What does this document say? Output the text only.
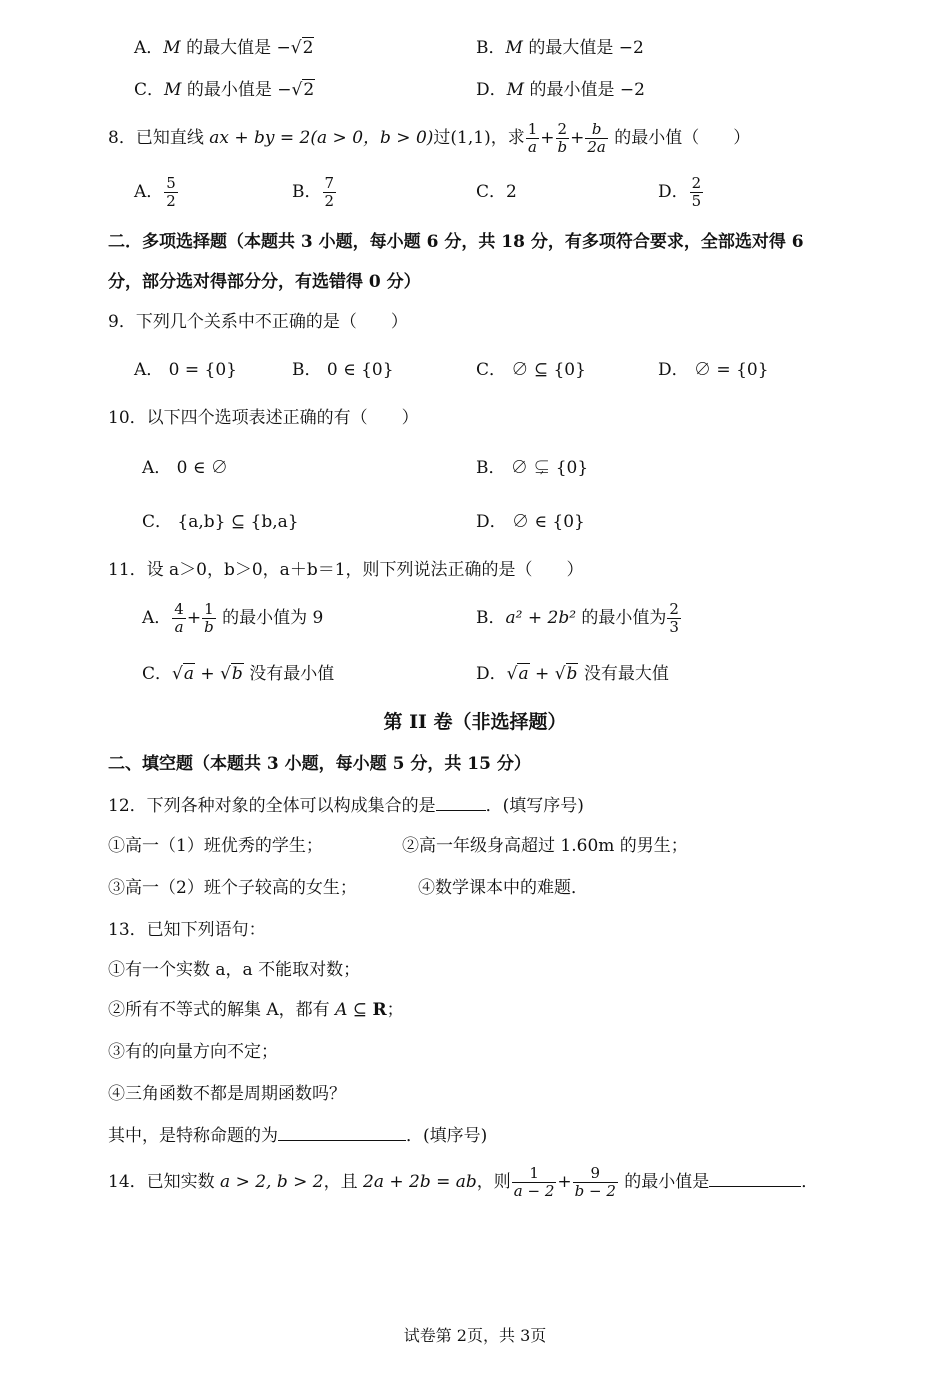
A．M 的最大值是 −√2	B．M 的最大值是 −2
C．M 的最小值是 −√2	D．M 的最小值是 −2
8．已知直线 ax + by = 2(a > 0，b > 0)过(1,1)，求 $\frac{1}{a} + \frac{2}{b} + \frac{b}{2a}$ 的最小值（　　）
A． $\frac{5}{2}$	B． $\frac{7}{2}$	C．2	D． $\frac{2}{5}$
二．多项选择题（本题共 3 小题，每小题 6 分，共 18 分，有多项符合要求，全部选对得 6
分，部分选对得部分分，有选错得 0 分）
9．下列几个关系中不正确的是（　　）
A． 0 = {0}	B． 0 ∈ {0}	C． ∅ ⊆ {0}	D． ∅ = {0}
10．以下四个选项表述正确的有（　　）
A． 0 ∈ ∅	B． ∅ ⊊ {0}
C． {a,b} ⊆ {b,a}	D． ∅ ∈ {0}
11．设 a＞0，b＞0，a＋b＝1，则下列说法正确的是（　　）
A． $\frac{4}{a} + \frac{1}{b}$ 的最小值为 9	B．a² + 2b² 的最小值为 $\frac{2}{3}$
C．√a + √b 没有最小值	D．√a + √b 没有最大值
第 II 卷（非选择题）
二、填空题（本题共 3 小题，每小题 5 分，共 15 分）
12．下列各种对象的全体可以构成集合的是	．(填写序号)
①高一（1）班优秀的学生；	②高一年级身高超过 1.60m 的男生；
③高一（2）班个子较高的女生；	④数学课本中的难题．
13．已知下列语句：
①有一个实数 a，a 不能取对数；
②所有不等式的解集 A，都有 A ⊆ R；
③有的向量方向不定；
④三角函数不都是周期函数吗？
其中，是特称命题的为	．(填序号)
14．已知实数 a > 2, b > 2，且 2a + 2b = ab，则 $\frac{1}{a - 2} + \frac{9}{b - 2}$ 的最小值是	．
试卷第 2页，共 3页
